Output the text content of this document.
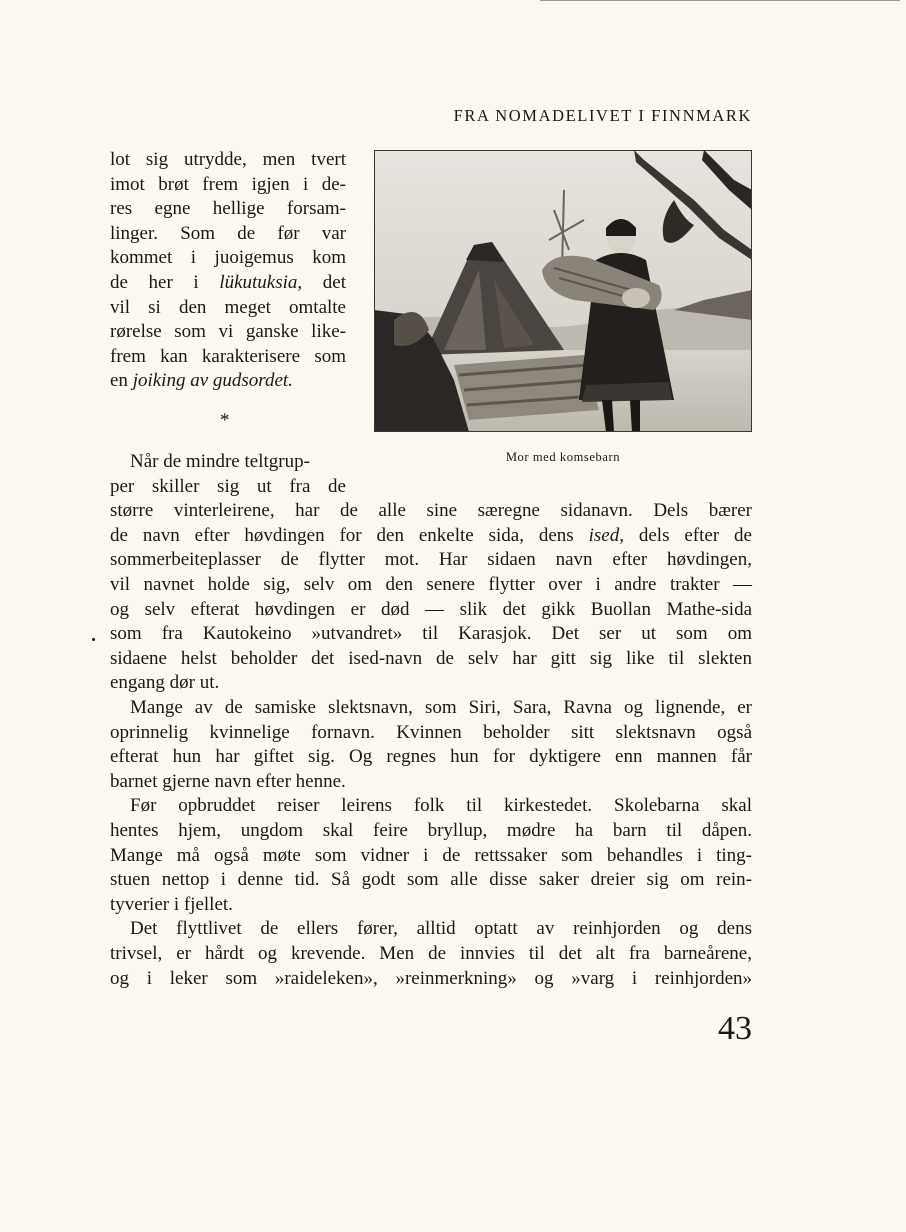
FRA NOMADELIVET I FINNMARK
lot sig utrydde, men tvert
imot brøt frem igjen i de-
res egne hellige forsam-
linger. Som de før var
kommet i juoigemus kom
de her i lükutuksia, det
vil si den meget omtalte
rørelse som vi ganske like-
frem kan karakterisere som
en joiking av gudsordet.
*
Mor med komsebarn
Når de mindre teltgrup-
per skiller sig ut fra de
større vinterleirene, har de alle sine særegne sidanavn. Dels bærer
de navn efter høvdingen for den enkelte sida, dens ised, dels efter de
sommerbeiteplasser de flytter mot. Har sidaen navn efter høvdingen,
vil navnet holde sig, selv om den senere flytter over i andre trakter —
og selv efterat høvdingen er død — slik det gikk Buollan Mathe-sida
som fra Kautokeino »utvandret» til Karasjok. Det ser ut som om
sidaene helst beholder det ised-navn de selv har gitt sig like til slekten
engang dør ut.
Mange av de samiske slektsnavn, som Siri, Sara, Ravna og lignende, er
oprinnelig kvinnelige fornavn. Kvinnen beholder sitt slektsnavn også
efterat hun har giftet sig. Og regnes hun for dyktigere enn mannen får
barnet gjerne navn efter henne.
Før opbruddet reiser leirens folk til kirkestedet. Skolebarna skal
hentes hjem, ungdom skal feire bryllup, mødre ha barn til dåpen.
Mange må også møte som vidner i de rettssaker som behandles i ting-
stuen nettop i denne tid. Så godt som alle disse saker dreier sig om rein-
tyverier i fjellet.
Det flyttlivet de ellers fører, alltid optatt av reinhjorden og dens
trivsel, er hårdt og krevende. Men de innvies til det alt fra barneårene,
og i leker som »raideleken», »reinmerkning» og »varg i reinhjorden»
43
